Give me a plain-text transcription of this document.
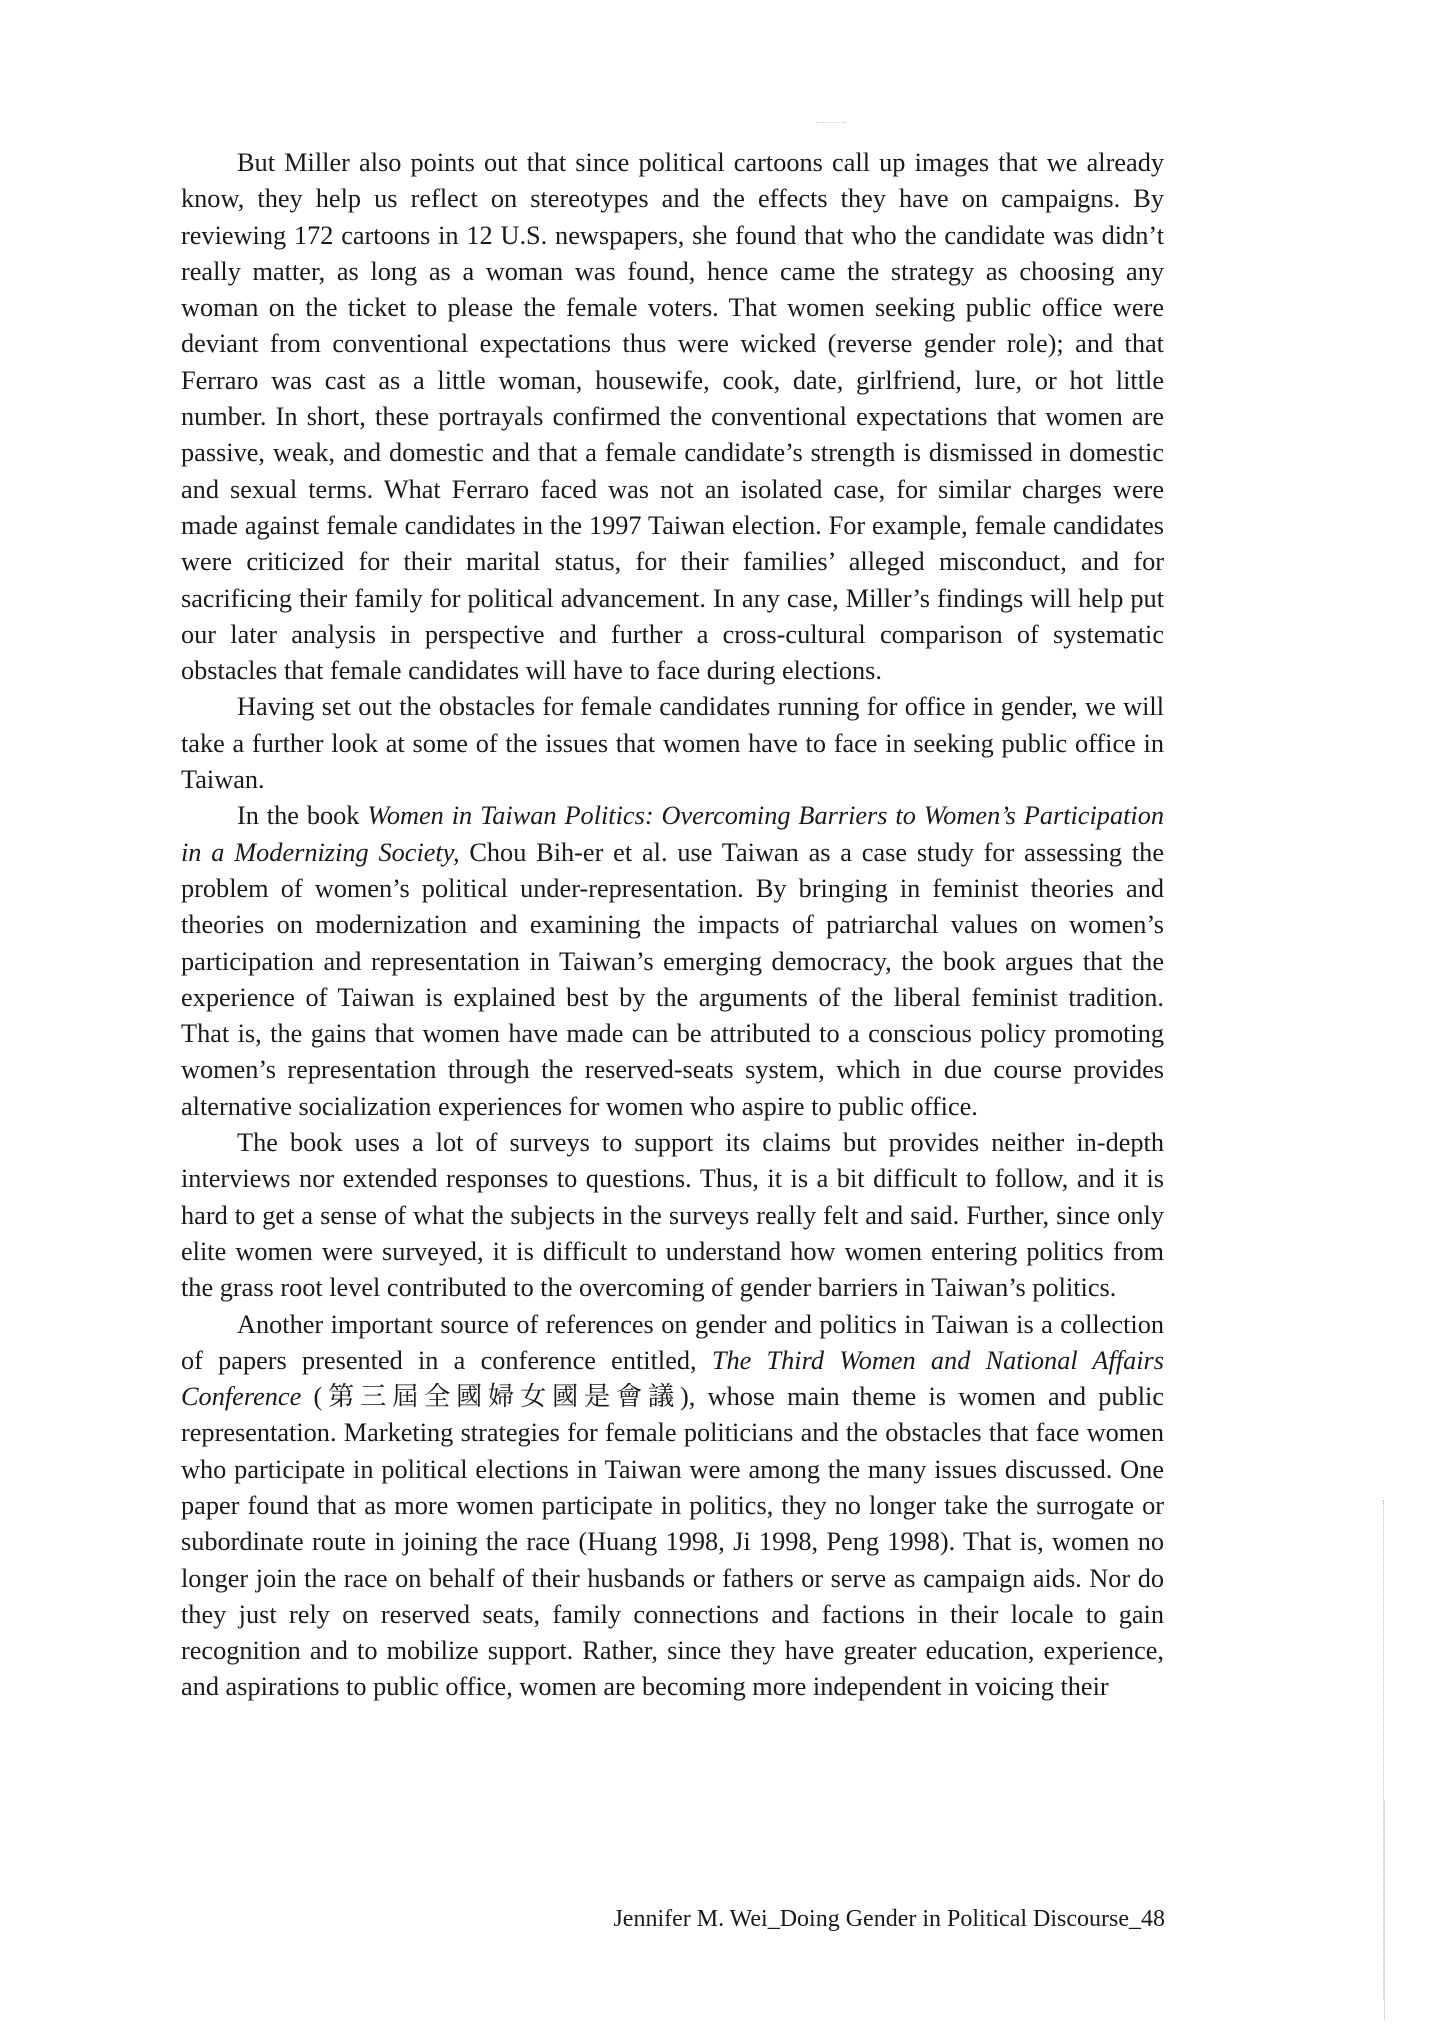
But Miller also points out that since political cartoons call up images that we already know, they help us reflect on stereotypes and the effects they have on campaigns. By reviewing 172 cartoons in 12 U.S. newspapers, she found that who the candidate was didn’t really matter, as long as a woman was found, hence came the strategy as choosing any woman on the ticket to please the female voters. That women seeking public office were deviant from conventional expectations thus were wicked (reverse gender role); and that Ferraro was cast as a little woman, housewife, cook, date, girlfriend, lure, or hot little number. In short, these portrayals confirmed the conventional expectations that women are passive, weak, and domestic and that a female candidate’s strength is dismissed in domestic and sexual terms. What Ferraro faced was not an isolated case, for similar charges were made against female candidates in the 1997 Taiwan election. For example, female candidates were criticized for their marital status, for their families’ alleged misconduct, and for sacrificing their family for political advancement. In any case, Miller’s findings will help put our later analysis in perspective and further a cross-cultural comparison of systematic obstacles that female candidates will have to face during elections.

Having set out the obstacles for female candidates running for office in gender, we will take a further look at some of the issues that women have to face in seeking public office in Taiwan.

In the book Women in Taiwan Politics: Overcoming Barriers to Women’s Participation in a Modernizing Society, Chou Bih-er et al. use Taiwan as a case study for assessing the problem of women’s political under-representation. By bringing in feminist theories and theories on modernization and examining the impacts of patriarchal values on women’s participation and representation in Taiwan’s emerging democracy, the book argues that the experience of Taiwan is explained best by the arguments of the liberal feminist tradition. That is, the gains that women have made can be attributed to a conscious policy promoting women’s representation through the reserved-seats system, which in due course provides alternative socialization experiences for women who aspire to public office.

The book uses a lot of surveys to support its claims but provides neither in-depth interviews nor extended responses to questions. Thus, it is a bit difficult to follow, and it is hard to get a sense of what the subjects in the surveys really felt and said. Further, since only elite women were surveyed, it is difficult to understand how women entering politics from the grass root level contributed to the overcoming of gender barriers in Taiwan’s politics.

Another important source of references on gender and politics in Taiwan is a collection of papers presented in a conference entitled, The Third Women and National Affairs Conference (第三屆全國婦女國是會議), whose main theme is women and public representation. Marketing strategies for female politicians and the obstacles that face women who participate in political elections in Taiwan were among the many issues discussed. One paper found that as more women participate in politics, they no longer take the surrogate or subordinate route in joining the race (Huang 1998, Ji 1998, Peng 1998). That is, women no longer join the race on behalf of their husbands or fathers or serve as campaign aids. Nor do they just rely on reserved seats, family connections and factions in their locale to gain recognition and to mobilize support. Rather, since they have greater education, experience, and aspirations to public office, women are becoming more independent in voicing their

Jennifer M. Wei_Doing Gender in Political Discourse_48
